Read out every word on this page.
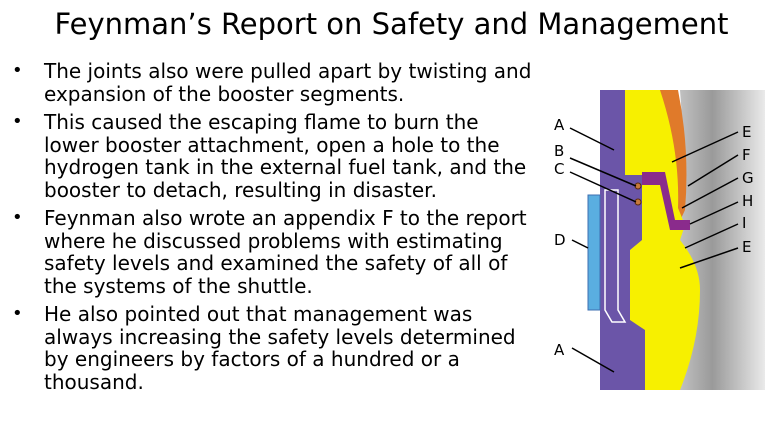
Feynman’s Report on Safety and Management
• The joints also were pulled apart by twisting and expansion of the booster segments.
• This caused the escaping flame to burn the lower booster attachment, open a hole to the hydrogen tank in the external fuel tank, and the booster to detach, resulting in disaster.
• Feynman also wrote an appendix F to the report where he discussed problems with estimating safety levels and examined the safety of all of the systems of the shuttle.
• He also pointed out that management was always increasing the safety levels determined by engineers by factors of a hundred or a thousand.
A
B
C
D
A
E
F
G
H
I
E
